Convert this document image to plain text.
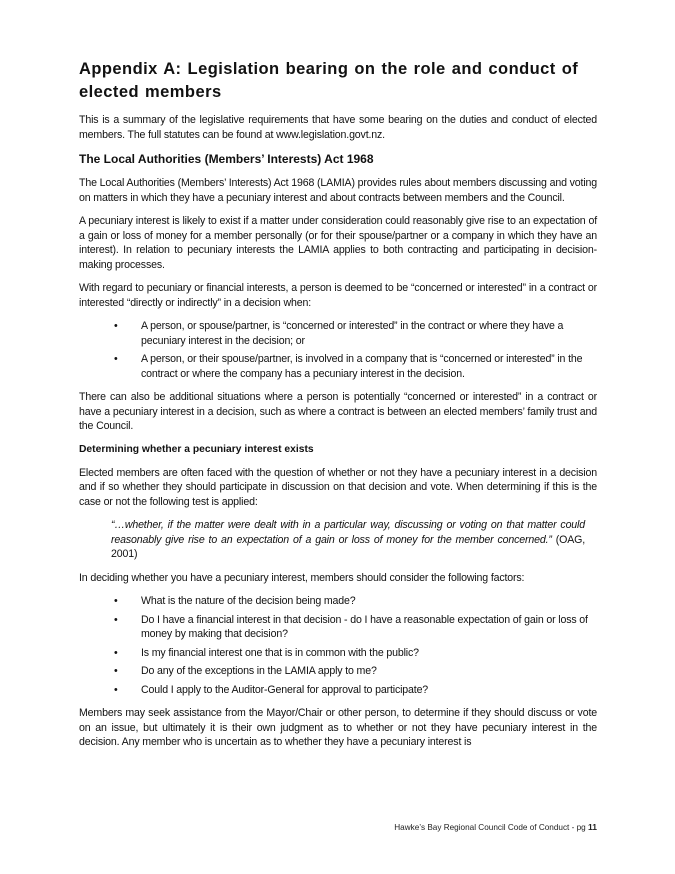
Appendix A: Legislation bearing on the role and conduct of elected members

This is a summary of the legislative requirements that have some bearing on the duties and conduct of elected members. The full statutes can be found at www.legislation.govt.nz.

The Local Authorities (Members’ Interests) Act 1968

The Local Authorities (Members’ Interests) Act 1968 (LAMIA) provides rules about members discussing and voting on matters in which they have a pecuniary interest and about contracts between members and the Council.

A pecuniary interest is likely to exist if a matter under consideration could reasonably give rise to an expectation of a gain or loss of money for a member personally (or for their spouse/partner or a company in which they have an interest). In relation to pecuniary interests the LAMIA applies to both contracting and participating in decision-making processes.

With regard to pecuniary or financial interests, a person is deemed to be “concerned or interested” in a contract or interested “directly or indirectly” in a decision when:

• A person, or spouse/partner, is “concerned or interested” in the contract or where they have a pecuniary interest in the decision; or
• A person, or their spouse/partner, is involved in a company that is “concerned or interested” in the contract or where the company has a pecuniary interest in the decision.

There can also be additional situations where a person is potentially “concerned or interested” in a contract or have a pecuniary interest in a decision, such as where a contract is between an elected members’ family trust and the Council.

Determining whether a pecuniary interest exists

Elected members are often faced with the question of whether or not they have a pecuniary interest in a decision and if so whether they should participate in discussion on that decision and vote. When determining if this is the case or not the following test is applied:

“…whether, if the matter were dealt with in a particular way, discussing or voting on that matter could reasonably give rise to an expectation of a gain or loss of money for the member concerned.” (OAG, 2001)

In deciding whether you have a pecuniary interest, members should consider the following factors:

• What is the nature of the decision being made?
• Do I have a financial interest in that decision - do I have a reasonable expectation of gain or loss of money by making that decision?
• Is my financial interest one that is in common with the public?
• Do any of the exceptions in the LAMIA apply to me?
• Could I apply to the Auditor-General for approval to participate?

Members may seek assistance from the Mayor/Chair or other person, to determine if they should discuss or vote on an issue, but ultimately it is their own judgment as to whether or not they have pecuniary interest in the decision. Any member who is uncertain as to whether they have a pecuniary interest is

Hawke’s Bay Regional Council Code of Conduct - pg 11
